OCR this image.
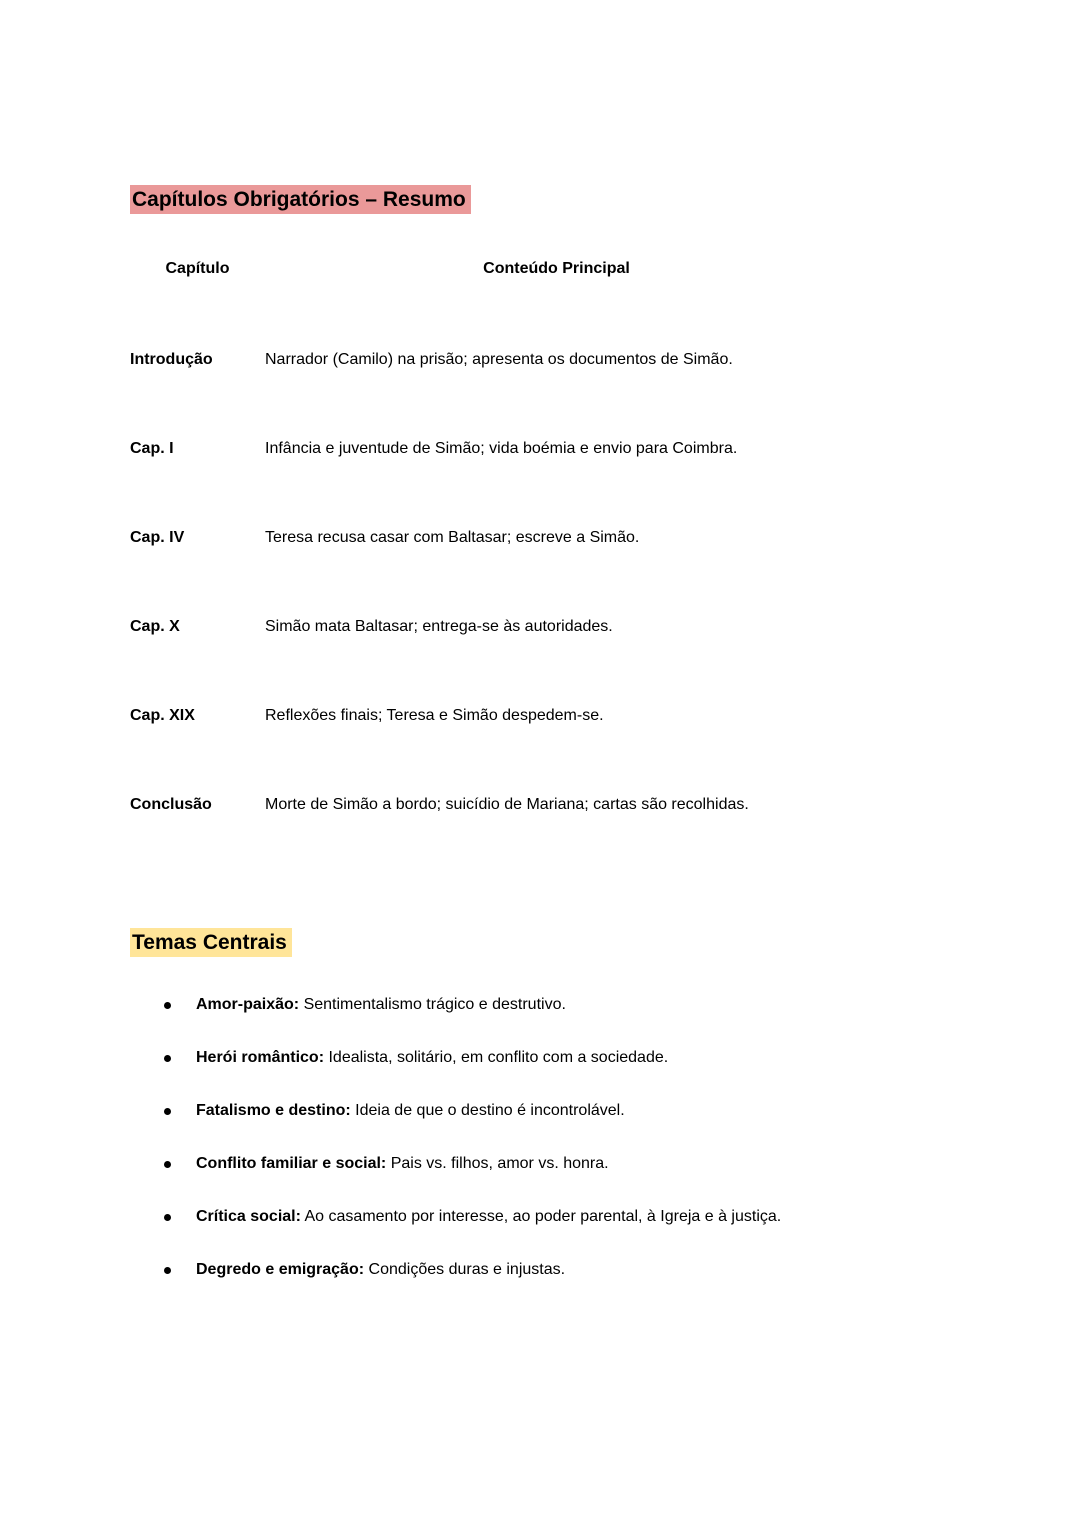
Capítulos Obrigatórios – Resumo
Capítulo	Conteúdo Principal
Introdução	Narrador (Camilo) na prisão; apresenta os documentos de Simão.
Cap. I	Infância e juventude de Simão; vida boémia e envio para Coimbra.
Cap. IV	Teresa recusa casar com Baltasar; escreve a Simão.
Cap. X	Simão mata Baltasar; entrega-se às autoridades.
Cap. XIX	Reflexões finais; Teresa e Simão despedem-se.
Conclusão	Morte de Simão a bordo; suicídio de Mariana; cartas são recolhidas.
Temas Centrais
Amor-paixão: Sentimentalismo trágico e destrutivo.
Herói romântico: Idealista, solitário, em conflito com a sociedade.
Fatalismo e destino: Ideia de que o destino é incontrolável.
Conflito familiar e social: Pais vs. filhos, amor vs. honra.
Crítica social: Ao casamento por interesse, ao poder parental, à Igreja e à justiça.
Degredo e emigração: Condições duras e injustas.
